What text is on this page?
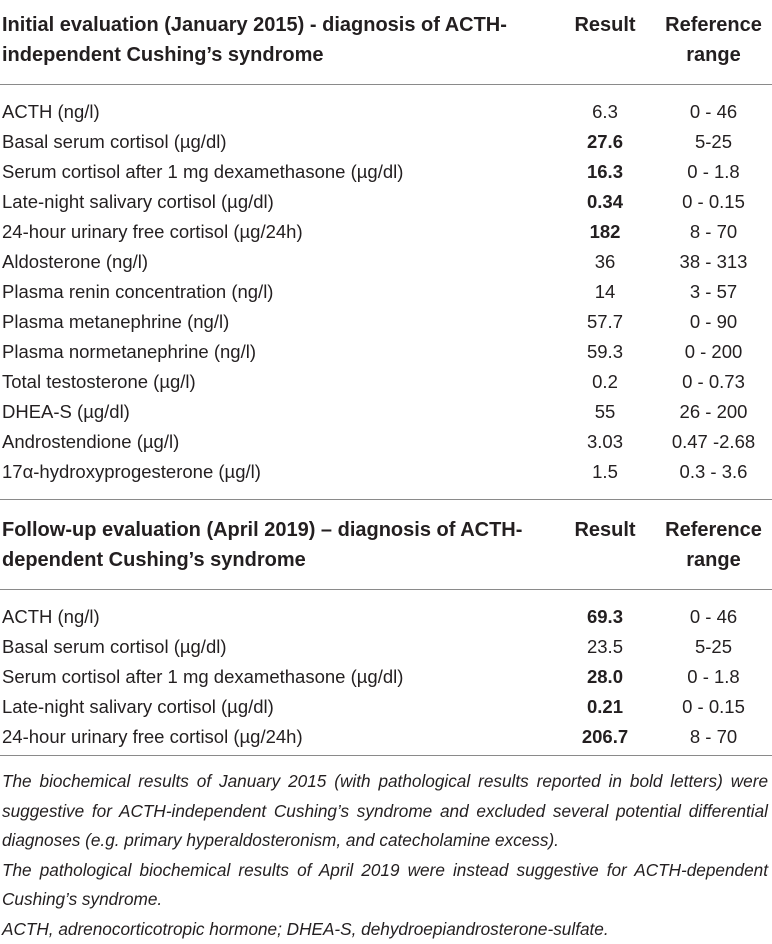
Initial evaluation (January 2015) - diagnosis of ACTH-independent Cushing’s syndrome
Result	Reference range
ACTH (ng/l)	6.3	0 - 46
Basal serum cortisol (µg/dl)	27.6	5-25
Serum cortisol after 1 mg dexamethasone (µg/dl)	16.3	0 - 1.8
Late-night salivary cortisol (µg/dl)	0.34	0 - 0.15
24-hour urinary free cortisol (µg/24h)	182	8 - 70
Aldosterone (ng/l)	36	38 - 313
Plasma renin concentration (ng/l)	14	3 - 57
Plasma metanephrine (ng/l)	57.7	0 - 90
Plasma normetanephrine (ng/l)	59.3	0 - 200
Total testosterone (µg/l)	0.2	0 - 0.73
DHEA-S (µg/dl)	55	26 - 200
Androstendione (µg/l)	3.03	0.47 -2.68
17α-hydroxyprogesterone (µg/l)	1.5	0.3 - 3.6
Follow-up evaluation (April 2019) – diagnosis of ACTH-dependent Cushing’s syndrome
Result	Reference range
ACTH (ng/l)	69.3	0 - 46
Basal serum cortisol (µg/dl)	23.5	5-25
Serum cortisol after 1 mg dexamethasone (µg/dl)	28.0	0 - 1.8
Late-night salivary cortisol (µg/dl)	0.21	0 - 0.15
24-hour urinary free cortisol (µg/24h)	206.7	8 - 70

The biochemical results of January 2015 (with pathological results reported in bold letters) were suggestive for ACTH-independent Cushing’s syndrome and excluded several potential differential diagnoses (e.g. primary hyperaldosteronism, and catecholamine excess).

The pathological biochemical results of April 2019 were instead suggestive for ACTH-dependent Cushing’s syndrome.

ACTH, adrenocorticotropic hormone; DHEA-S, dehydroepiandrosterone-sulfate.
